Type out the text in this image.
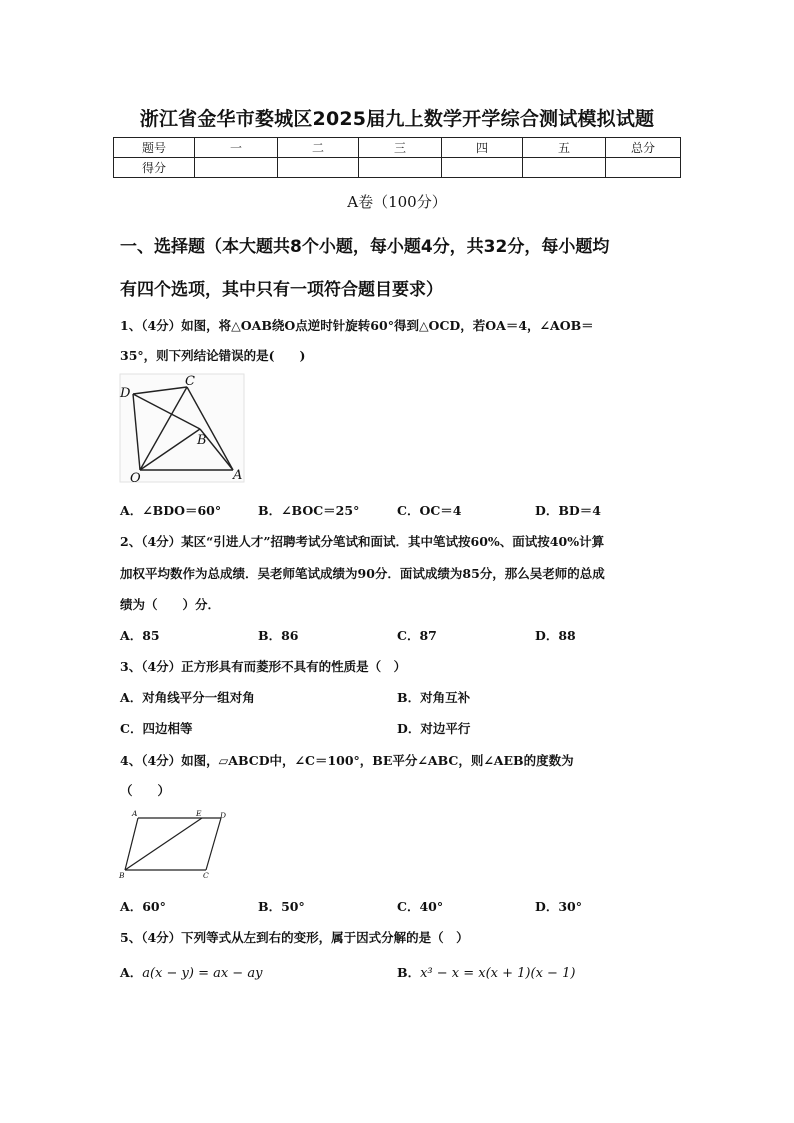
浙江省金华市婺城区2025届九上数学开学综合测试模拟试题
题号	一	二	三	四	五	总分
得分						
A卷（100分）
一、选择题（本大题共8个小题，每小题4分，共32分，每小题均
有四个选项，其中只有一项符合题目要求）
1、（4分）如图，将△OAB绕O点逆时针旋转60°得到△OCD，若OA＝4，∠AOB＝
35°，则下列结论错误的是(　　)
D
C
B
O	A
A．∠BDO＝60°	B．∠BOC＝25°	C．OC＝4	D．BD＝4
2、（4分）某区“引进人才”招聘考试分笔试和面试．其中笔试按60%、面试按40%计算
加权平均数作为总成绩．吴老师笔试成绩为90分．面试成绩为85分，那么吴老师的总成
绩为（　　）分．
A．85	B．86	C．87	D．88
3、（4分）正方形具有而菱形不具有的性质是（　）
A．对角线平分一组对角	B．对角互补
C．四边相等	D．对边平行
4、（4分）如图，▱ABCD中，∠C＝100°，BE平分∠ABC，则∠AEB的度数为
（　　）
A	E D
B	C
A．60°	B．50°	C．40°	D．30°
5、（4分）下列等式从左到右的变形，属于因式分解的是（　）
A．a(x − y) = ax − ay	B．x³ − x = x(x + 1)(x − 1)
